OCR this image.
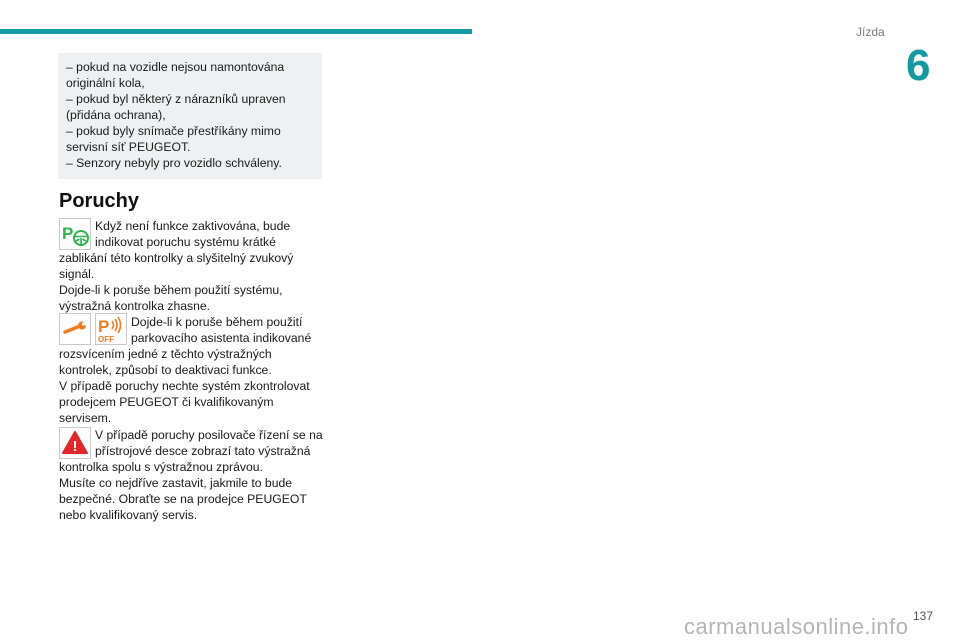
Jízda
6

– pokud na vozidle nejsou namontována

originální kola,

– pokud byl některý z nárazníků upraven

(přidána ochrana),

– pokud byly snímače přestříkány mimo

servisní síť PEUGEOT.

– Senzory nebyly pro vozidlo schváleny.

Poruchy
P	Když není funkce zaktivována, bude

indikovat poruchu systému krátké

zablikání této kontrolky a slyšitelný zvukový

signál.

Dojde-li k poruše během použití systému,

výstražná kontrolka zhasne.

P
OFF

Dojde-li k poruše během použití

parkovacího asistenta indikované

rozsvícením jedné z těchto výstražných

kontrolek, způsobí to deaktivaci funkce.

V případě poruchy nechte systém zkontrolovat

prodejcem PEUGEOT či kvalifikovaným

servisem.

!

V případě poruchy posilovače řízení se na

přístrojové desce zobrazí tato výstražná

kontrolka spolu s výstražnou zprávou.

Musíte co nejdříve zastavit, jakmile to bude

bezpečné. Obraťte se na prodejce PEUGEOT

nebo kvalifikovaný servis.

137
carmanualsonline.info
